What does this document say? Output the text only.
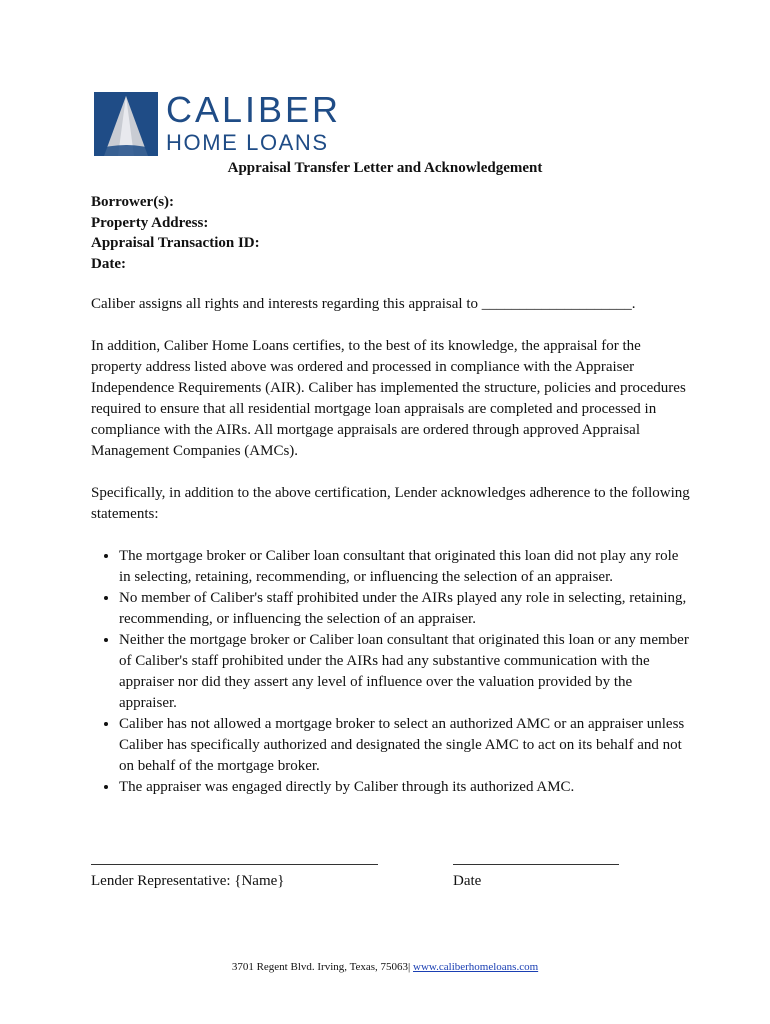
CALIBER
HOME LOANS
Appraisal Transfer Letter and Acknowledgement
Borrower(s):
Property Address:
Appraisal Transaction ID:
Date:

Caliber assigns all rights and interests regarding this appraisal to ____________________.

In addition, Caliber Home Loans certifies, to the best of its knowledge, the appraisal for the property address listed above was ordered and processed in compliance with the Appraiser Independence Requirements (AIR). Caliber has implemented the structure, policies and procedures required to ensure that all residential mortgage loan appraisals are completed and processed in compliance with the AIRs. All mortgage appraisals are ordered through approved Appraisal Management Companies (AMCs).

Specifically, in addition to the above certification, Lender acknowledges adherence to the following statements:

• The mortgage broker or Caliber loan consultant that originated this loan did not play any role in selecting, retaining, recommending, or influencing the selection of an appraiser.
• No member of Caliber's staff prohibited under the AIRs played any role in selecting, retaining, recommending, or influencing the selection of an appraiser.
• Neither the mortgage broker or Caliber loan consultant that originated this loan or any member of Caliber's staff prohibited under the AIRs had any substantive communication with the appraiser nor did they assert any level of influence over the valuation provided by the appraiser.
• Caliber has not allowed a mortgage broker to select an authorized AMC or an appraiser unless Caliber has specifically authorized and designated the single AMC to act on its behalf and not on behalf of the mortgage broker.
• The appraiser was engaged directly by Caliber through its authorized AMC.
Lender Representative: {Name}	Date
3701 Regent Blvd. Irving, Texas, 75063| www.caliberhomeloans.com
